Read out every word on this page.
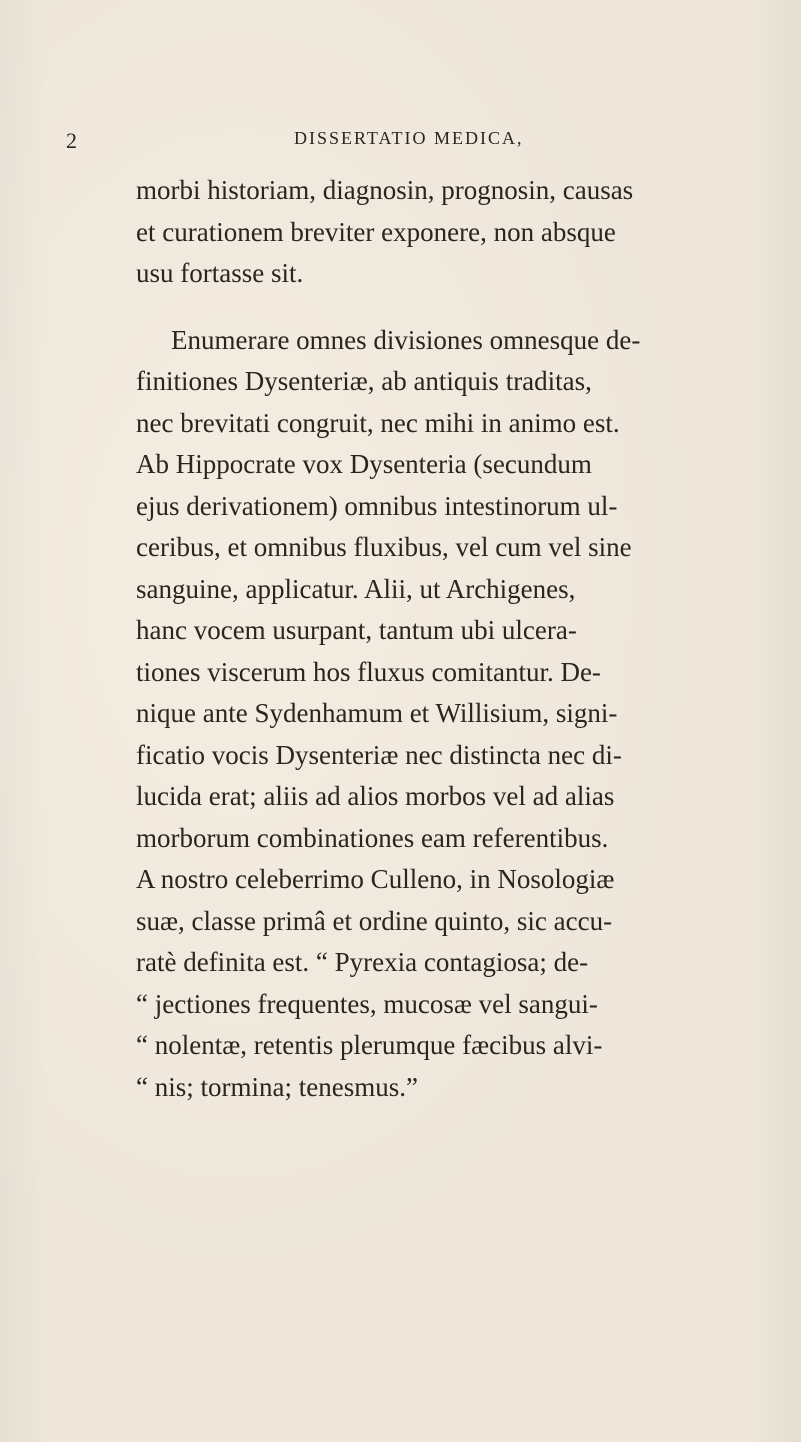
2	DISSERTATIO MEDICA,
morbi historiam, diagnosin, prognosin, causas
et curationem breviter exponere, non absque
usu fortasse sit.
Enumerare omnes divisiones omnesque de-
finitiones Dysenteriæ, ab antiquis traditas,
nec brevitati congruit, nec mihi in animo est.
Ab Hippocrate vox Dysenteria (secundum
ejus derivationem) omnibus intestinorum ul-
ceribus, et omnibus fluxibus, vel cum vel sine
sanguine, applicatur. Alii, ut Archigenes,
hanc vocem usurpant, tantum ubi ulcera-
tiones viscerum hos fluxus comitantur. De-
nique ante Sydenhamum et Willisium, signi-
ficatio vocis Dysenteriæ nec distincta nec di-
lucida erat; aliis ad alios morbos vel ad alias
morborum combinationes eam referentibus.
A nostro celeberrimo Culleno, in Nosologiæ
suæ, classe primâ et ordine quinto, sic accu-
ratè definita est. “ Pyrexia contagiosa; de-
“ jectiones frequentes, mucosæ vel sangui-
“ nolentæ, retentis plerumque fæcibus alvi-
“ nis; tormina; tenesmus.”
